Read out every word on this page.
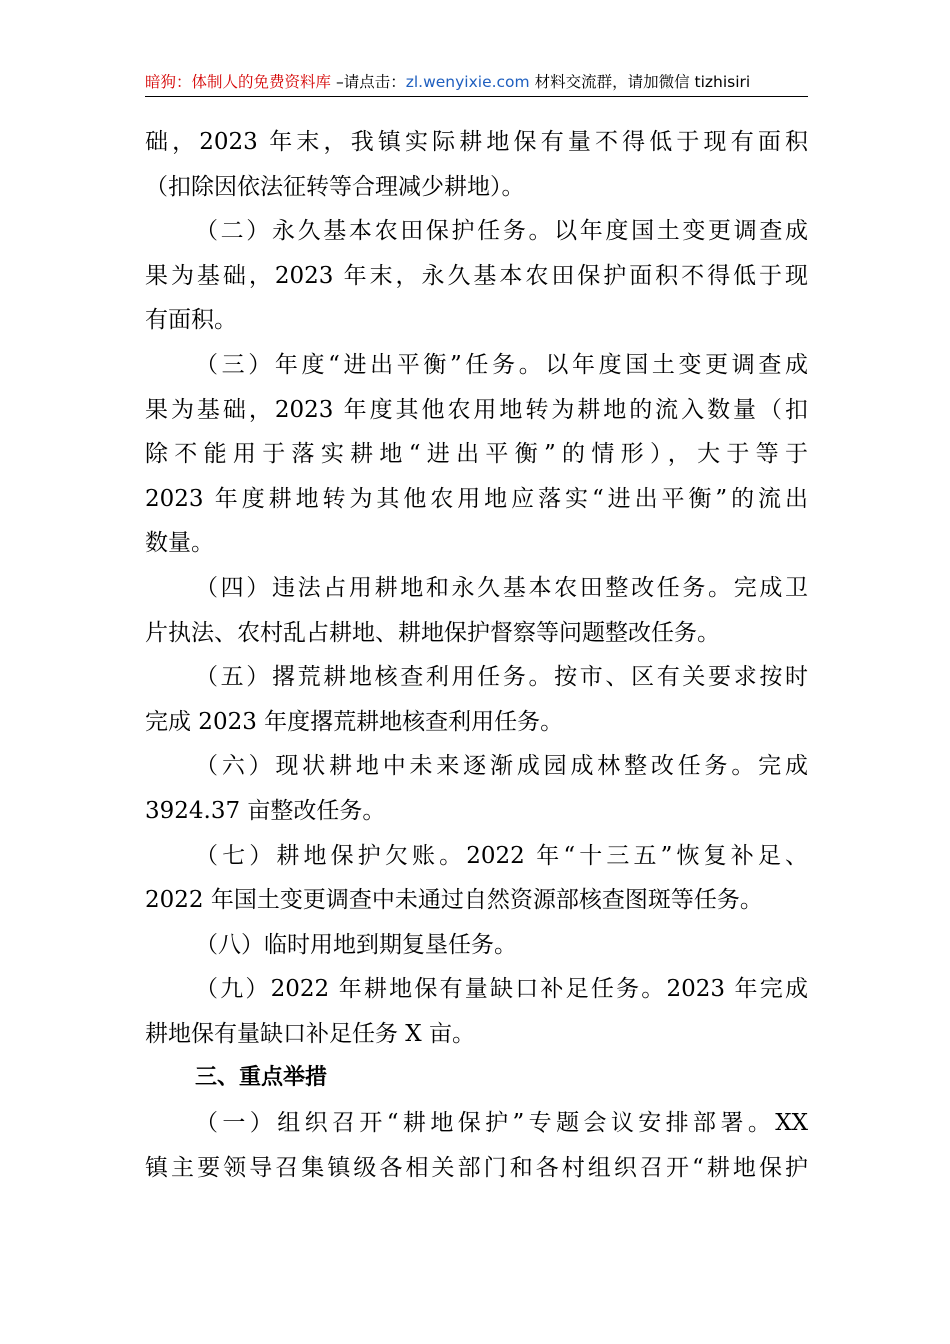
暗狗：体制人的免费资料库 –请点击：zl.wenyixie.com 材料交流群，请加微信 tizhisiri
础，2023 年末，我镇实际耕地保有量不得低于现有面积
（扣除因依法征转等合理减少耕地）。
（二）永久基本农田保护任务。以年度国土变更调查成
果为基础，2023 年末，永久基本农田保护面积不得低于现
有面积。
（三）年度“进出平衡”任务。以年度国土变更调查成
果为基础，2023 年度其他农用地转为耕地的流入数量（扣
除不能用于落实耕地“进出平衡”的情形），大于等于
2023 年度耕地转为其他农用地应落实“进出平衡”的流出
数量。
（四）违法占用耕地和永久基本农田整改任务。完成卫
片执法、农村乱占耕地、耕地保护督察等问题整改任务。
（五）撂荒耕地核查利用任务。按市、区有关要求按时
完成 2023 年度撂荒耕地核查利用任务。
（六）现状耕地中未来逐渐成园成林整改任务。完成
3924.37 亩整改任务。
（七）耕地保护欠账。2022 年“十三五”恢复补足、
2022 年国土变更调查中未通过自然资源部核查图斑等任务。
（八）临时用地到期复垦任务。
（九）2022 年耕地保有量缺口补足任务。2023 年完成
耕地保有量缺口补足任务 X 亩。
三、重点举措
（一）组织召开“耕地保护”专题会议安排部署。XX
镇主要领导召集镇级各相关部门和各村组织召开“耕地保护
